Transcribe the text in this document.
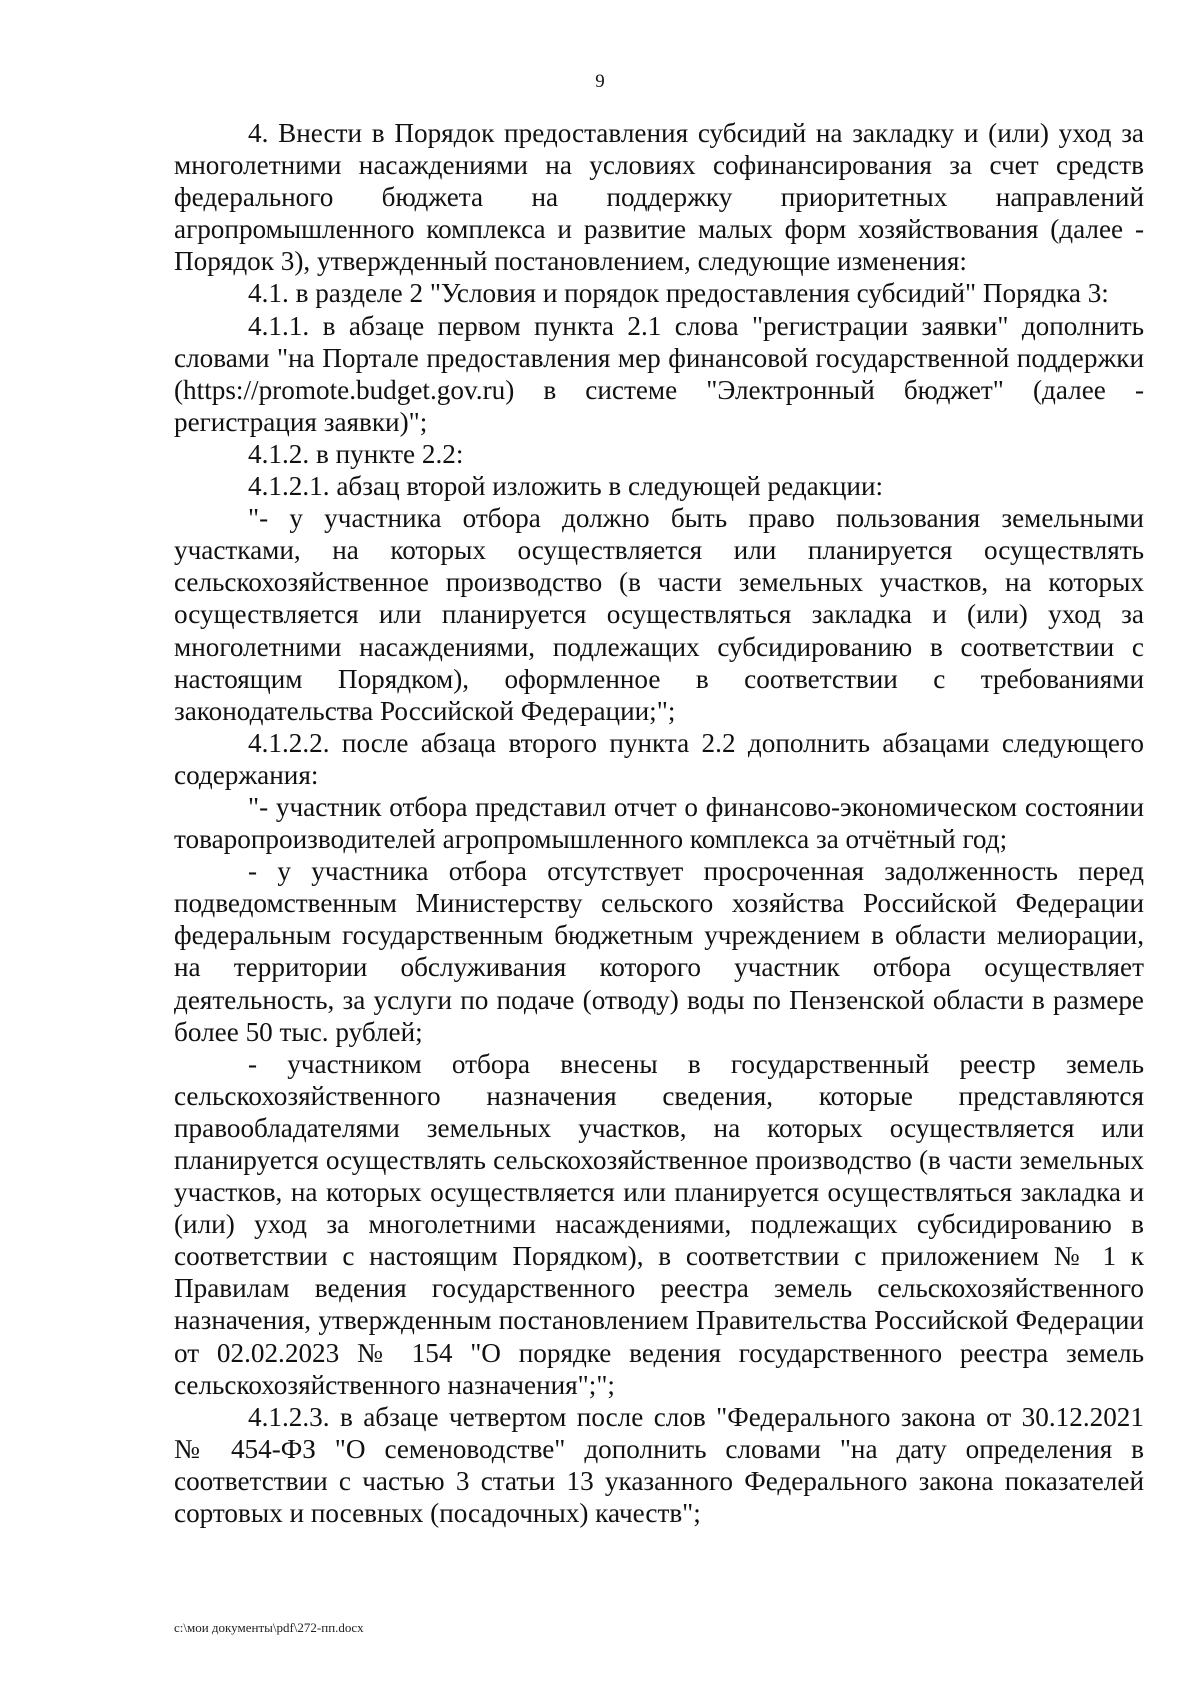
9

4. Внести в Порядок предоставления субсидий на закладку и (или) уход за многолетними насаждениями на условиях софинансирования за счет средств федерального бюджета на поддержку приоритетных направлений агропромышленного комплекса и развитие малых форм хозяйствования (далее - Порядок 3), утвержденный постановлением, следующие изменения:

4.1. в разделе 2 "Условия и порядок предоставления субсидий" Порядка 3:

4.1.1. в абзаце первом пункта 2.1 слова "регистрации заявки" дополнить словами "на Портале предоставления мер финансовой государственной поддержки (https://promote.budget.gov.ru) в системе "Электронный бюджет" (далее - регистрация заявки)";

4.1.2. в пункте 2.2:

4.1.2.1. абзац второй изложить в следующей редакции:

"- у участника отбора должно быть право пользования земельными участками, на которых осуществляется или планируется осуществлять сельскохозяйственное производство (в части земельных участков, на которых осуществляется или планируется осуществляться закладка и (или) уход за многолетними насаждениями, подлежащих субсидированию в соответствии с настоящим Порядком), оформленное в соответствии с требованиями законодательства Российской Федерации;";

4.1.2.2. после абзаца второго пункта 2.2 дополнить абзацами следующего содержания:

"- участник отбора представил отчет о финансово-экономическом состоянии товаропроизводителей агропромышленного комплекса за отчётный год;

- у участника отбора отсутствует просроченная задолженность перед подведомственным Министерству сельского хозяйства Российской Федерации федеральным государственным бюджетным учреждением в области мелиорации, на территории обслуживания которого участник отбора осуществляет деятельность, за услуги по подаче (отводу) воды по Пензенской области в размере более 50 тыс. рублей;

- участником отбора внесены в государственный реестр земель сельскохозяйственного назначения сведения, которые представляются правообладателями земельных участков, на которых осуществляется или планируется осуществлять сельскохозяйственное производство (в части земельных участков, на которых осуществляется или планируется осуществляться закладка и (или) уход за многолетними насаждениями, подлежащих субсидированию в соответствии с настоящим Порядком), в соответствии с приложением № 1 к Правилам ведения государственного реестра земель сельскохозяйственного назначения, утвержденным постановлением Правительства Российской Федерации от 02.02.2023 № 154 "О порядке ведения государственного реестра земель сельскохозяйственного назначения";";

4.1.2.3. в абзаце четвертом после слов "Федерального закона от 30.12.2021 № 454-ФЗ "О семеноводстве" дополнить словами "на дату определения в соответствии с частью 3 статьи 13 указанного Федерального закона показателей сортовых и посевных (посадочных) качеств";

c:\мои документы\pdf\272-пп.docx
